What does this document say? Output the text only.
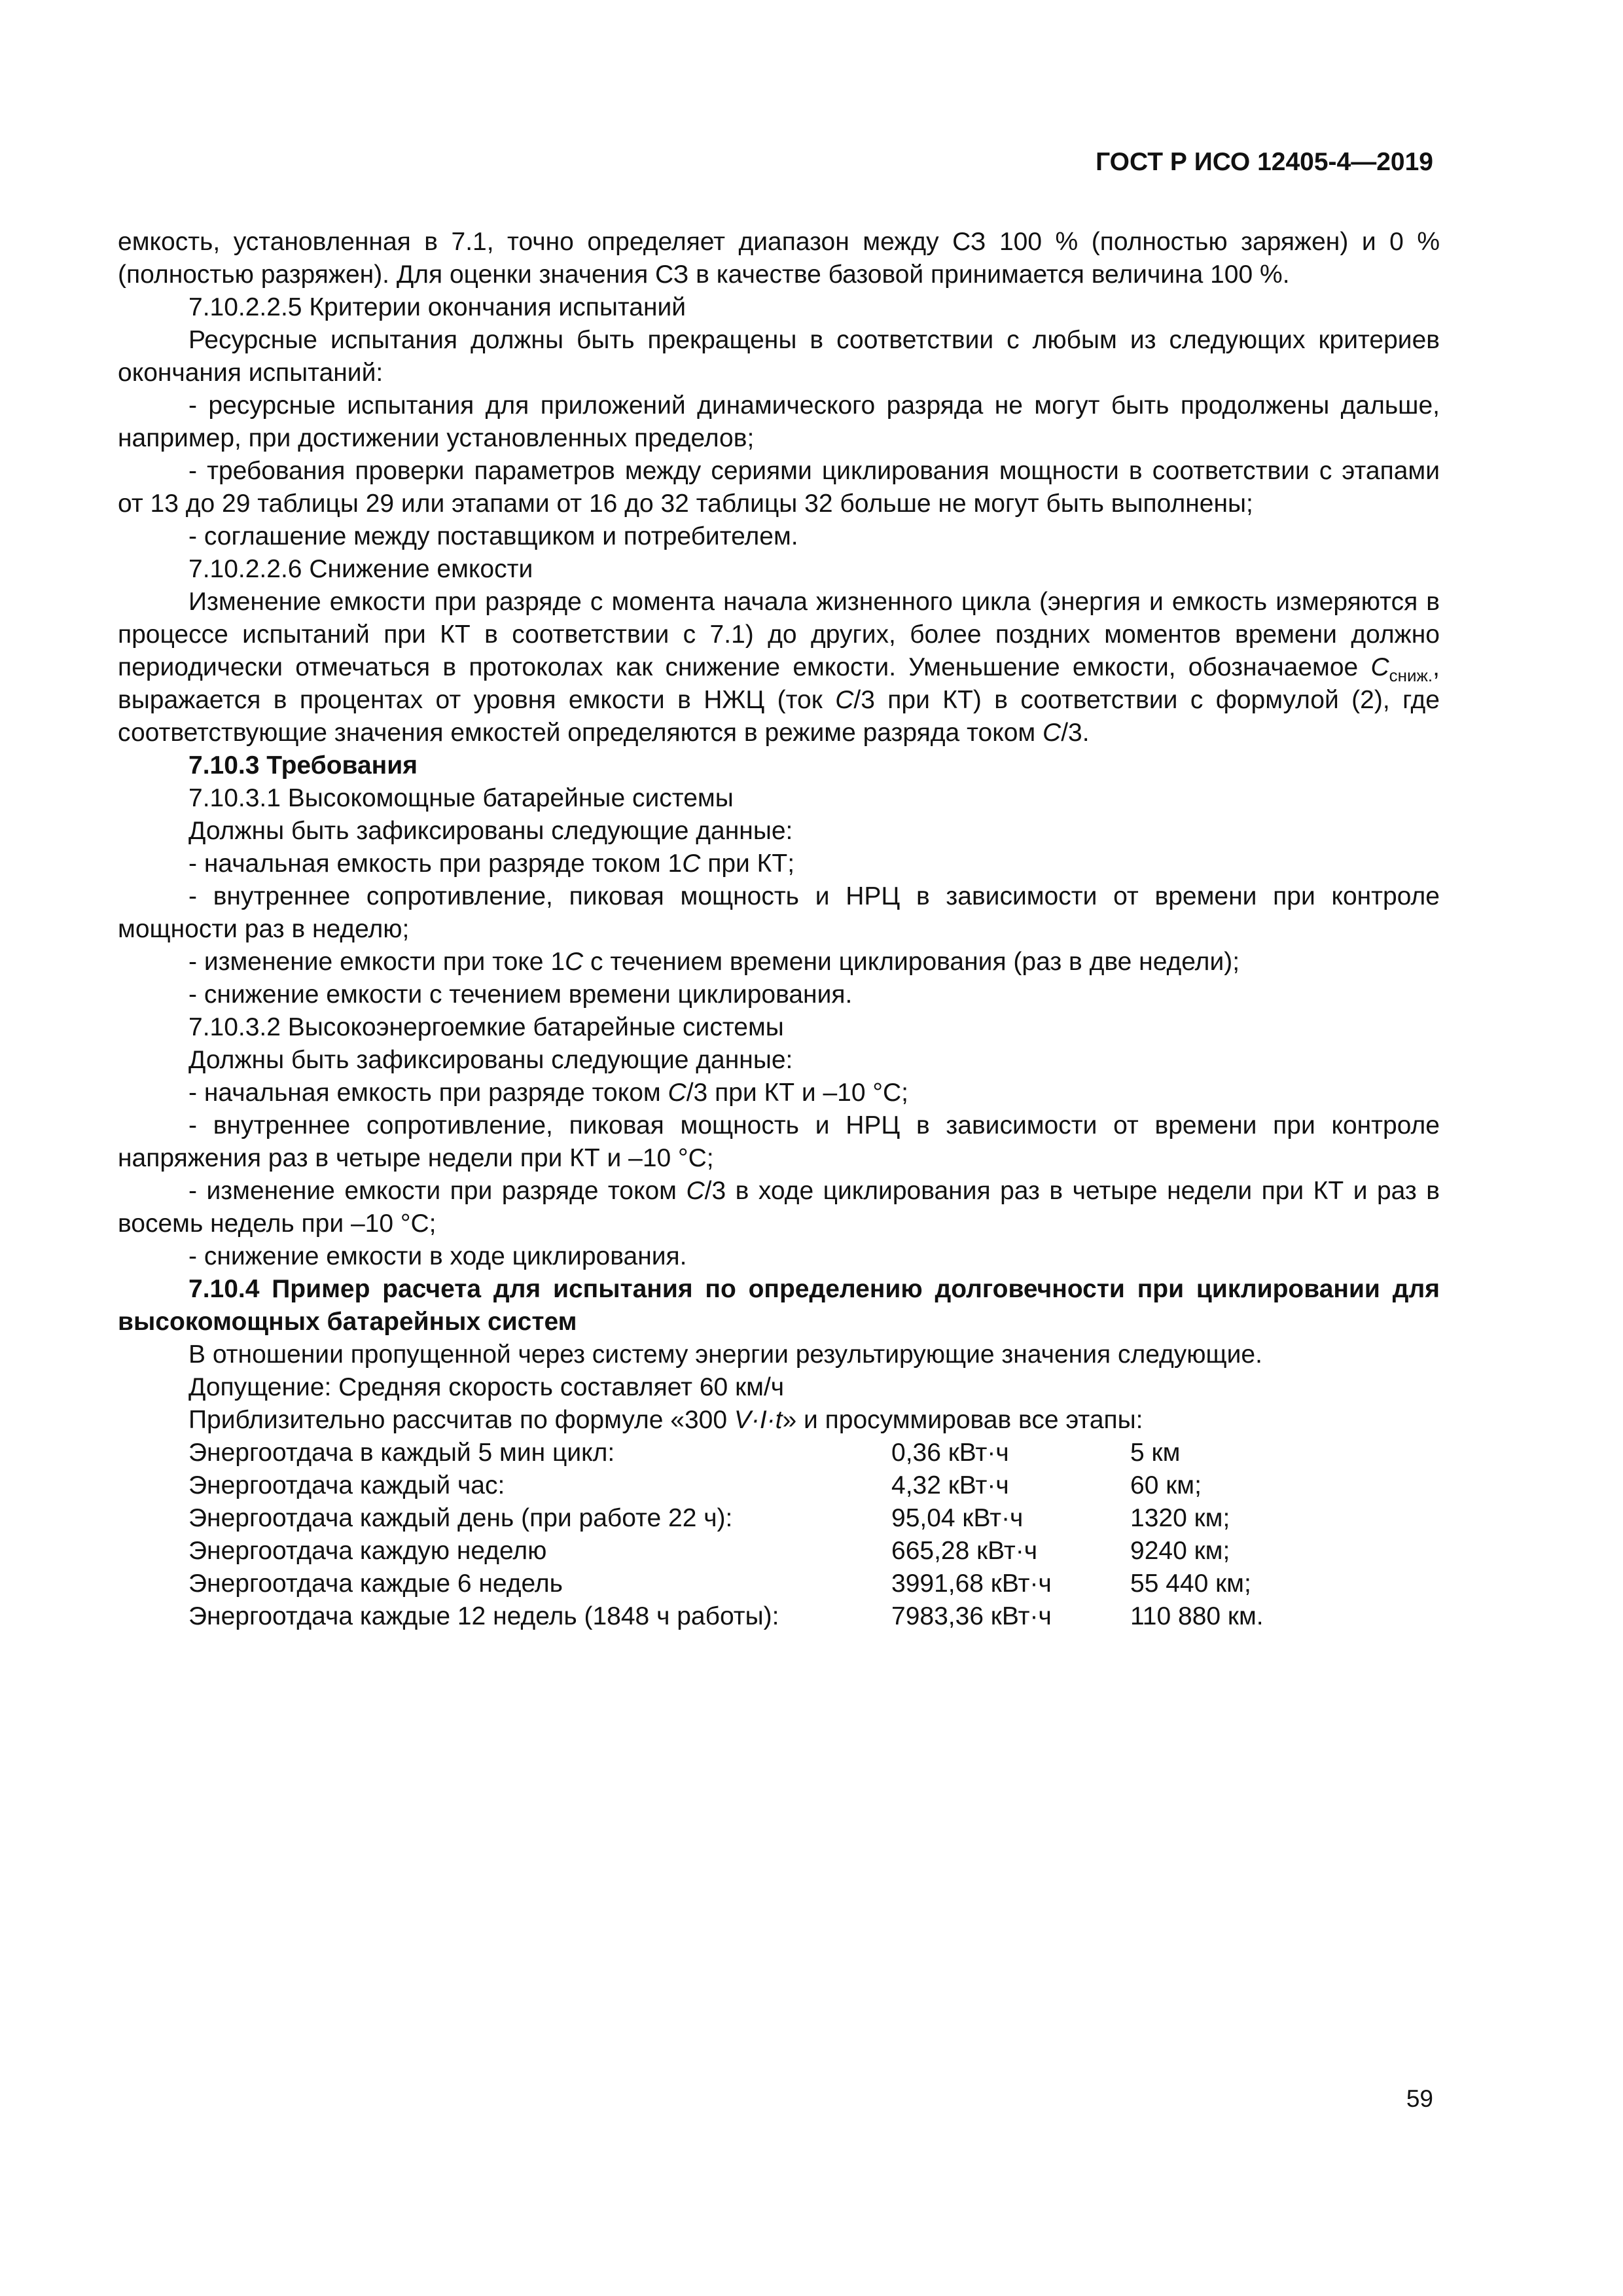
ГОСТ Р ИСО 12405-4—2019

емкость, установленная в 7.1, точно определяет диапазон между СЗ 100 % (полностью заряжен) и 0 % (полностью разряжен). Для оценки значения СЗ в качестве базовой принимается величина 100 %.

7.10.2.2.5 Критерии окончания испытаний

Ресурсные испытания должны быть прекращены в соответствии с любым из следующих критериев окончания испытаний:

- ресурсные испытания для приложений динамического разряда не могут быть продолжены дальше, например, при достижении установленных пределов;

- требования проверки параметров между сериями циклирования мощности в соответствии с этапами от 13 до 29 таблицы 29 или этапами от 16 до 32 таблицы 32 больше не могут быть выполнены;

- соглашение между поставщиком и потребителем.

7.10.2.2.6 Снижение емкости

Изменение емкости при разряде с момента начала жизненного цикла (энергия и емкость измеряются в процессе испытаний при КТ в соответствии с 7.1) до других, более поздних моментов времени должно периодически отмечаться в протоколах как снижение емкости. Уменьшение емкости, обозначаемое $C_{сниж.}$, выражается в процентах от уровня емкости в НЖЦ (ток C/3 при КТ) в соответствии с формулой (2), где соответствующие значения емкостей определяются в режиме разряда током C/3.

7.10.3 Требования

7.10.3.1 Высокомощные батарейные системы

Должны быть зафиксированы следующие данные:

- начальная емкость при разряде током 1C при КТ;

- внутреннее сопротивление, пиковая мощность и НРЦ в зависимости от времени при контроле мощности раз в неделю;

- изменение емкости при токе 1C с течением времени циклирования (раз в две недели);

- снижение емкости с течением времени циклирования.

7.10.3.2 Высокоэнергоемкие батарейные системы

Должны быть зафиксированы следующие данные:

- начальная емкость при разряде током C/3 при КТ и –10 °С;

- внутреннее сопротивление, пиковая мощность и НРЦ в зависимости от времени при контроле напряжения раз в четыре недели при КТ и –10 °С;

- изменение емкости при разряде током C/3 в ходе циклирования раз в четыре недели при КТ и раз в восемь недель при –10 °С;

- снижение емкости в ходе циклирования.

7.10.4 Пример расчета для испытания по определению долговечности при циклировании для высокомощных батарейных систем

В отношении пропущенной через систему энергии результирующие значения следующие.

Допущение: Средняя скорость составляет 60 км/ч

Приблизительно рассчитав по формуле «300 V·I·t» и просуммировав все этапы:

Энергоотдача в каждый 5 мин цикл:	0,36 кВт·ч	5 км
Энергоотдача каждый час:	4,32 кВт·ч	60 км;
Энергоотдача каждый день (при работе 22 ч):	95,04 кВт·ч	1320 км;
Энергоотдача каждую неделю	665,28 кВт·ч	9240 км;
Энергоотдача каждые 6 недель	3991,68 кВт·ч	55 440 км;
Энергоотдача каждые 12 недель (1848 ч работы):	7983,36 кВт·ч	110 880 км.
59
